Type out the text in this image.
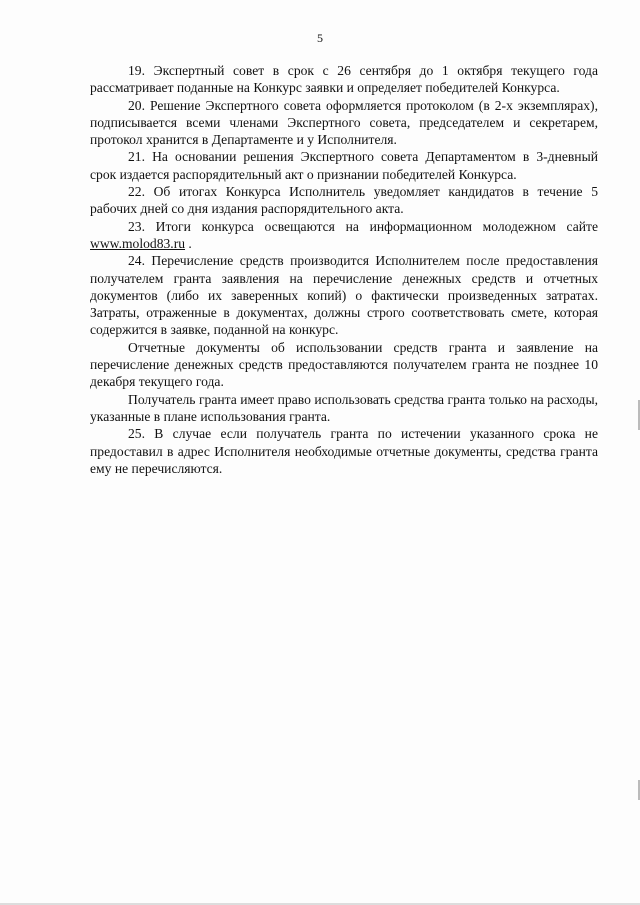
5

19. Экспертный совет в срок с 26 сентября до 1 октября текущего года рассматривает поданные на Конкурс заявки и определяет победителей Конкурса.

20. Решение Экспертного совета оформляется протоколом (в 2-х экземплярах), подписывается всеми членами Экспертного совета, председателем и секретарем, протокол хранится в Департаменте и у Исполнителя.

21. На основании решения Экспертного совета Департаментом в 3-дневный срок издается распорядительный акт о признании победителей Конкурса.

22. Об итогах Конкурса Исполнитель уведомляет кандидатов в течение 5 рабочих дней со дня издания распорядительного акта.

23. Итоги конкурса освещаются на информационном молодежном сайте www.molod83.ru .

24. Перечисление средств производится Исполнителем после предоставления получателем гранта заявления на перечисление денежных средств и отчетных документов (либо их заверенных копий) о фактически произведенных затратах. Затраты, отраженные в документах, должны строго соответствовать смете, которая содержится в заявке, поданной на конкурс.

Отчетные документы об использовании средств гранта и заявление на перечисление денежных средств предоставляются получателем гранта не позднее 10 декабря текущего года.

Получатель гранта имеет право использовать средства гранта только на расходы, указанные в плане использования гранта.

25. В случае если получатель гранта по истечении указанного срока не предоставил в адрес Исполнителя необходимые отчетные документы, средства гранта ему не перечисляются.
